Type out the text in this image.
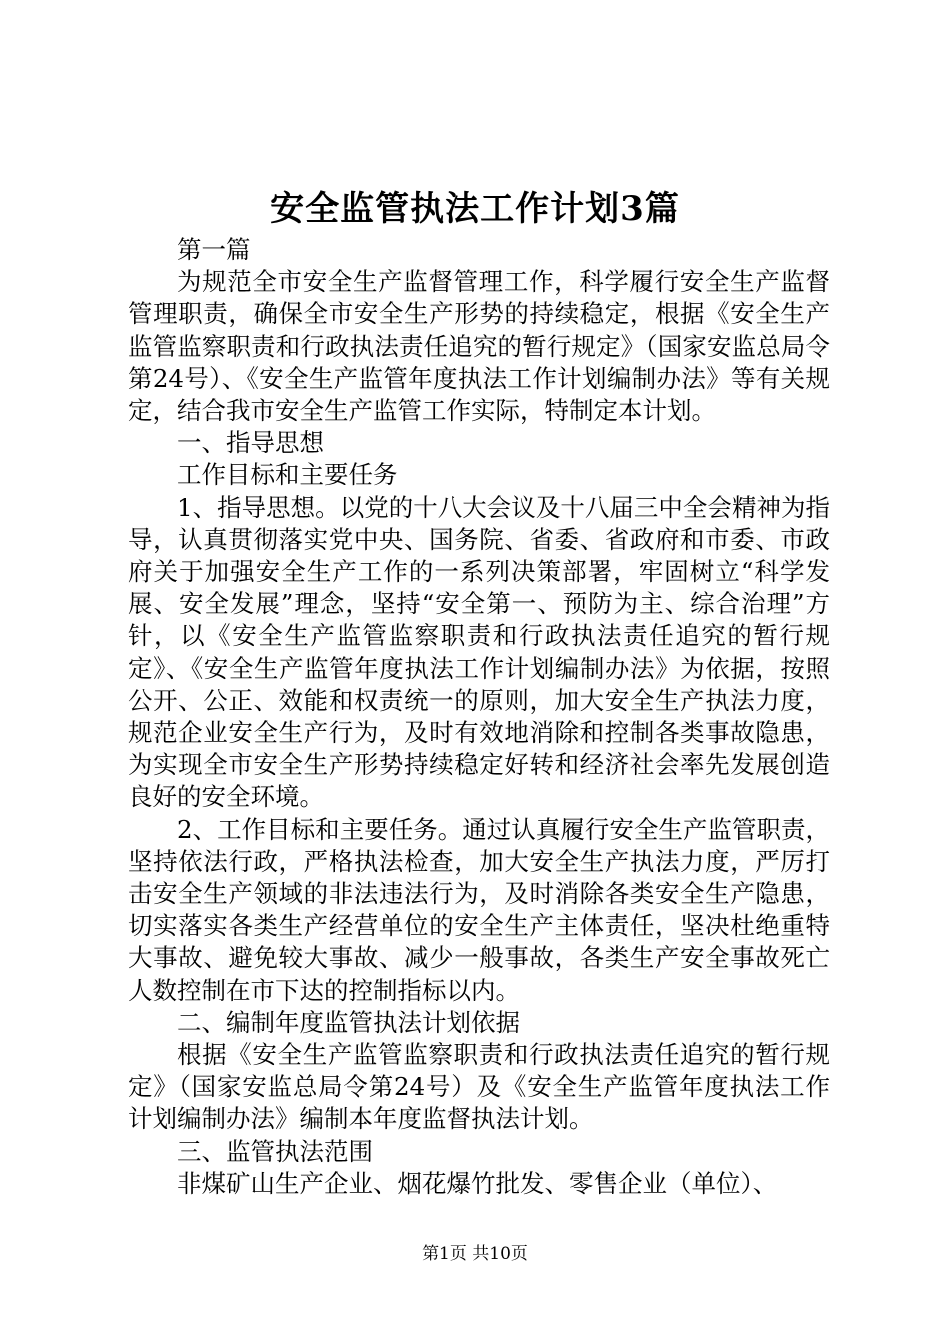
安全监管执法工作计划3篇

第一篇

为规范全市安全生产监督管理工作，科学履行安全生产监督管理职责，确保全市安全生产形势的持续稳定，根据《安全生产监管监察职责和行政执法责任追究的暂行规定》（国家安监总局令第24号）、《安全生产监管年度执法工作计划编制办法》等有关规定，结合我市安全生产监管工作实际，特制定本计划。

一、指导思想

工作目标和主要任务

1、指导思想。以党的十八大会议及十八届三中全会精神为指导，认真贯彻落实党中央、国务院、省委、省政府和市委、市政府关于加强安全生产工作的一系列决策部署，牢固树立“科学发展、安全发展”理念，坚持“安全第一、预防为主、综合治理”方针，以《安全生产监管监察职责和行政执法责任追究的暂行规定》、《安全生产监管年度执法工作计划编制办法》为依据，按照公开、公正、效能和权责统一的原则，加大安全生产执法力度，规范企业安全生产行为，及时有效地消除和控制各类事故隐患，为实现全市安全生产形势持续稳定好转和经济社会率先发展创造良好的安全环境。

2、工作目标和主要任务。通过认真履行安全生产监管职责，坚持依法行政，严格执法检查，加大安全生产执法力度，严厉打击安全生产领域的非法违法行为，及时消除各类安全生产隐患，切实落实各类生产经营单位的安全生产主体责任，坚决杜绝重特大事故、避免较大事故、减少一般事故，各类生产安全事故死亡人数控制在市下达的控制指标以内。

二、编制年度监管执法计划依据

根据《安全生产监管监察职责和行政执法责任追究的暂行规定》（国家安监总局令第24号）及《安全生产监管年度执法工作计划编制办法》编制本年度监督执法计划。

三、监管执法范围

非煤矿山生产企业、烟花爆竹批发、零售企业（单位）、

第1页 共10页
